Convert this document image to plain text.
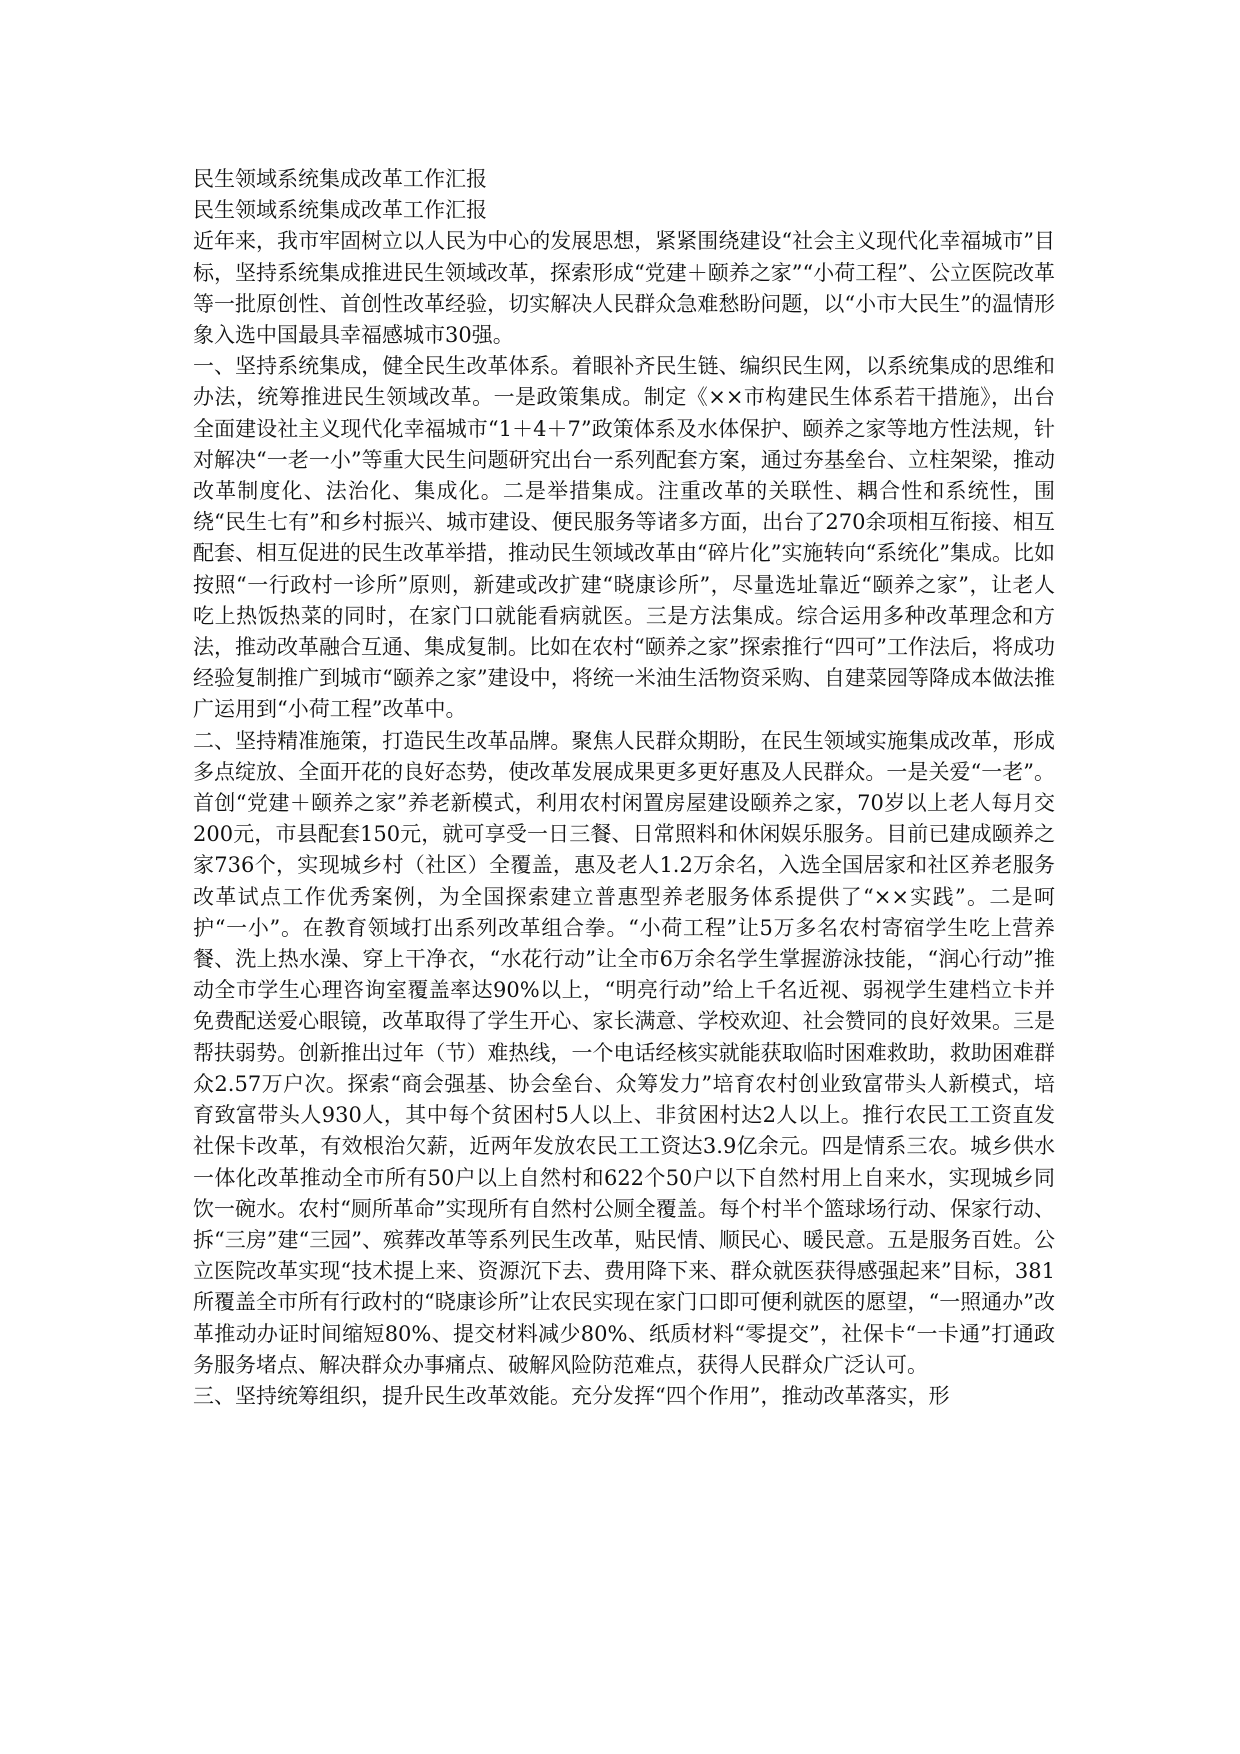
民生领域系统集成改革工作汇报

民生领域系统集成改革工作汇报

近年来，我市牢固树立以人民为中心的发展思想，紧紧围绕建设“社会主义现代化幸福城市”目标，坚持系统集成推进民生领域改革，探索形成“党建＋颐养之家”“小荷工程”、公立医院改革等一批原创性、首创性改革经验，切实解决人民群众急难愁盼问题，以“小市大民生”的温情形象入选中国最具幸福感城市30强。

一、坚持系统集成，健全民生改革体系。着眼补齐民生链、编织民生网，以系统集成的思维和办法，统筹推进民生领域改革。一是政策集成。制定《××市构建民生体系若干措施》，出台全面建设社主义现代化幸福城市“1＋4＋7”政策体系及水体保护、颐养之家等地方性法规，针对解决“一老一小”等重大民生问题研究出台一系列配套方案，通过夯基垒台、立柱架梁，推动改革制度化、法治化、集成化。二是举措集成。注重改革的关联性、耦合性和系统性，围绕“民生七有”和乡村振兴、城市建设、便民服务等诸多方面，出台了270余项相互衔接、相互配套、相互促进的民生改革举措，推动民生领域改革由“碎片化”实施转向“系统化”集成。比如按照“一行政村一诊所”原则，新建或改扩建“晓康诊所”，尽量选址靠近“颐养之家”，让老人吃上热饭热菜的同时，在家门口就能看病就医。三是方法集成。综合运用多种改革理念和方法，推动改革融合互通、集成复制。比如在农村“颐养之家”探索推行“四可”工作法后，将成功经验复制推广到城市“颐养之家”建设中，将统一米油生活物资采购、自建菜园等降成本做法推广运用到“小荷工程”改革中。

二、坚持精准施策，打造民生改革品牌。聚焦人民群众期盼，在民生领域实施集成改革，形成多点绽放、全面开花的良好态势，使改革发展成果更多更好惠及人民群众。一是关爱“一老”。首创“党建＋颐养之家”养老新模式，利用农村闲置房屋建设颐养之家，70岁以上老人每月交200元，市县配套150元，就可享受一日三餐、日常照料和休闲娱乐服务。目前已建成颐养之家736个，实现城乡村（社区）全覆盖，惠及老人1.2万余名，入选全国居家和社区养老服务改革试点工作优秀案例，为全国探索建立普惠型养老服务体系提供了“××实践”。二是呵护“一小”。在教育领域打出系列改革组合拳。“小荷工程”让5万多名农村寄宿学生吃上营养餐、洗上热水澡、穿上干净衣，“水花行动”让全市6万余名学生掌握游泳技能，“润心行动”推动全市学生心理咨询室覆盖率达90%以上，“明亮行动”给上千名近视、弱视学生建档立卡并免费配送爱心眼镜，改革取得了学生开心、家长满意、学校欢迎、社会赞同的良好效果。三是帮扶弱势。创新推出过年（节）难热线，一个电话经核实就能获取临时困难救助，救助困难群众2.57万户次。探索“商会强基、协会垒台、众筹发力”培育农村创业致富带头人新模式，培育致富带头人930人，其中每个贫困村5人以上、非贫困村达2人以上。推行农民工工资直发社保卡改革，有效根治欠薪，近两年发放农民工工资达3.9亿余元。四是情系三农。城乡供水一体化改革推动全市所有50户以上自然村和622个50户以下自然村用上自来水，实现城乡同饮一碗水。农村“厕所革命”实现所有自然村公厕全覆盖。每个村半个篮球场行动、保家行动、拆“三房”建“三园”、殡葬改革等系列民生改革，贴民情、顺民心、暖民意。五是服务百姓。公立医院改革实现“技术提上来、资源沉下去、费用降下来、群众就医获得感强起来”目标，381所覆盖全市所有行政村的“晓康诊所”让农民实现在家门口即可便利就医的愿望，“一照通办”改革推动办证时间缩短80%、提交材料减少80%、纸质材料“零提交”，社保卡“一卡通”打通政务服务堵点、解决群众办事痛点、破解风险防范难点，获得人民群众广泛认可。

三、坚持统筹组织，提升民生改革效能。充分发挥“四个作用”，推动改革落实，形
